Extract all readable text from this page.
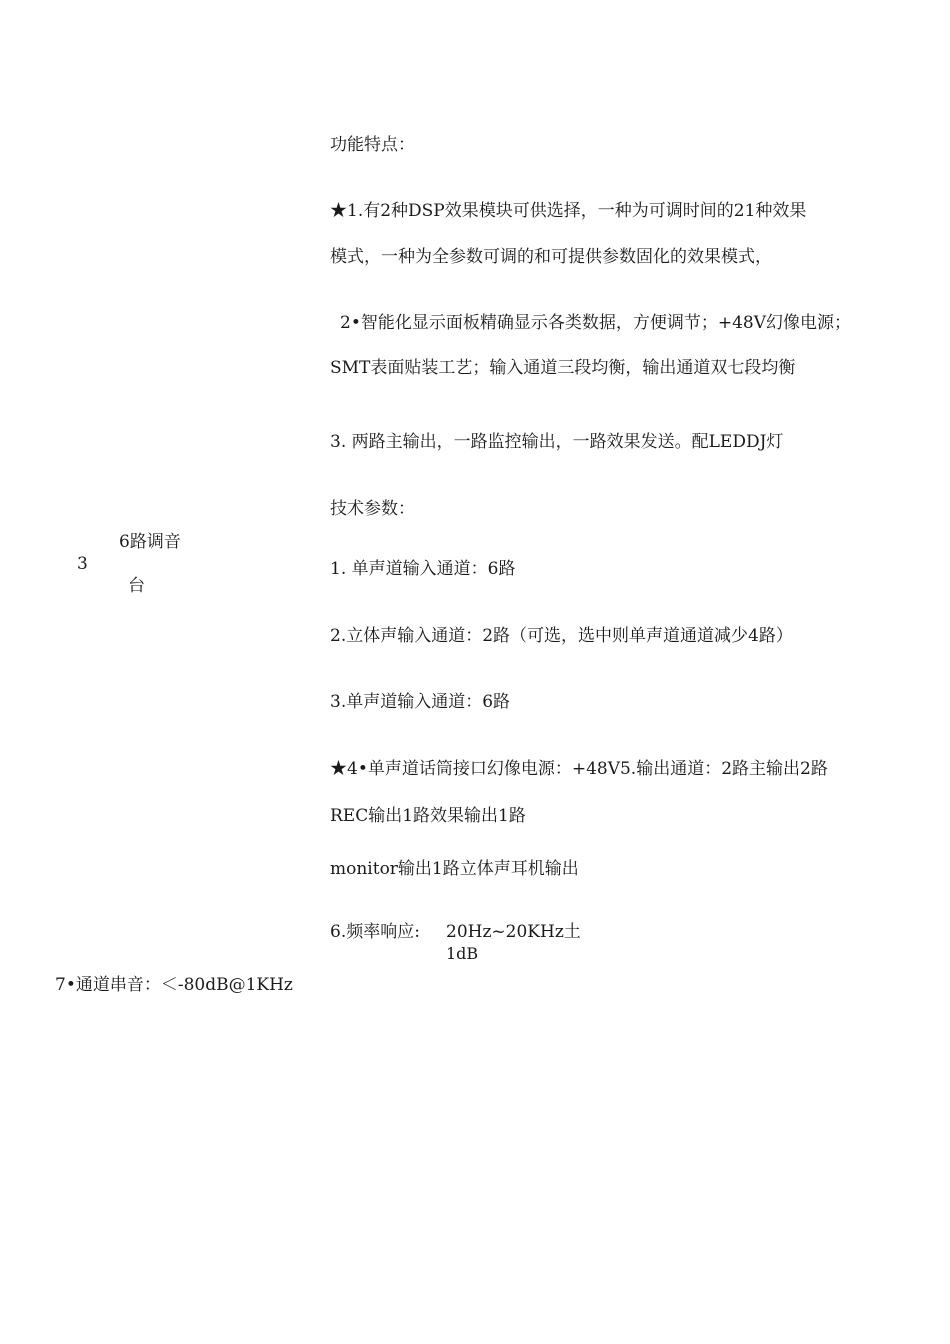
3
6路调音
台
功能特点：
★1.有2种DSP效果模块可供选择，一种为可调时间的21种效果
模式，一种为全参数可调的和可提供参数固化的效果模式，
2•智能化显示面板精确显示各类数据，方便调节；+48V幻像电源；
SMT表面贴装工艺；输入通道三段均衡，输出通道双七段均衡
3. 两路主输出，一路监控输出，一路效果发送。配LEDDJ灯
技术参数：
1. 单声道输入通道：6路
2.立体声输入通道：2路（可选，选中则单声道通道减少4路）
3.单声道输入通道：6路
★4•单声道话筒接口幻像电源：+48V5.输出通道：2路主输出2路
REC输出1路效果输出1路
monitor输出1路立体声耳机输出
6.频率响应: 20Hz~20KHz土
1dB
7•通道串音：＜-80dB@1KHz
